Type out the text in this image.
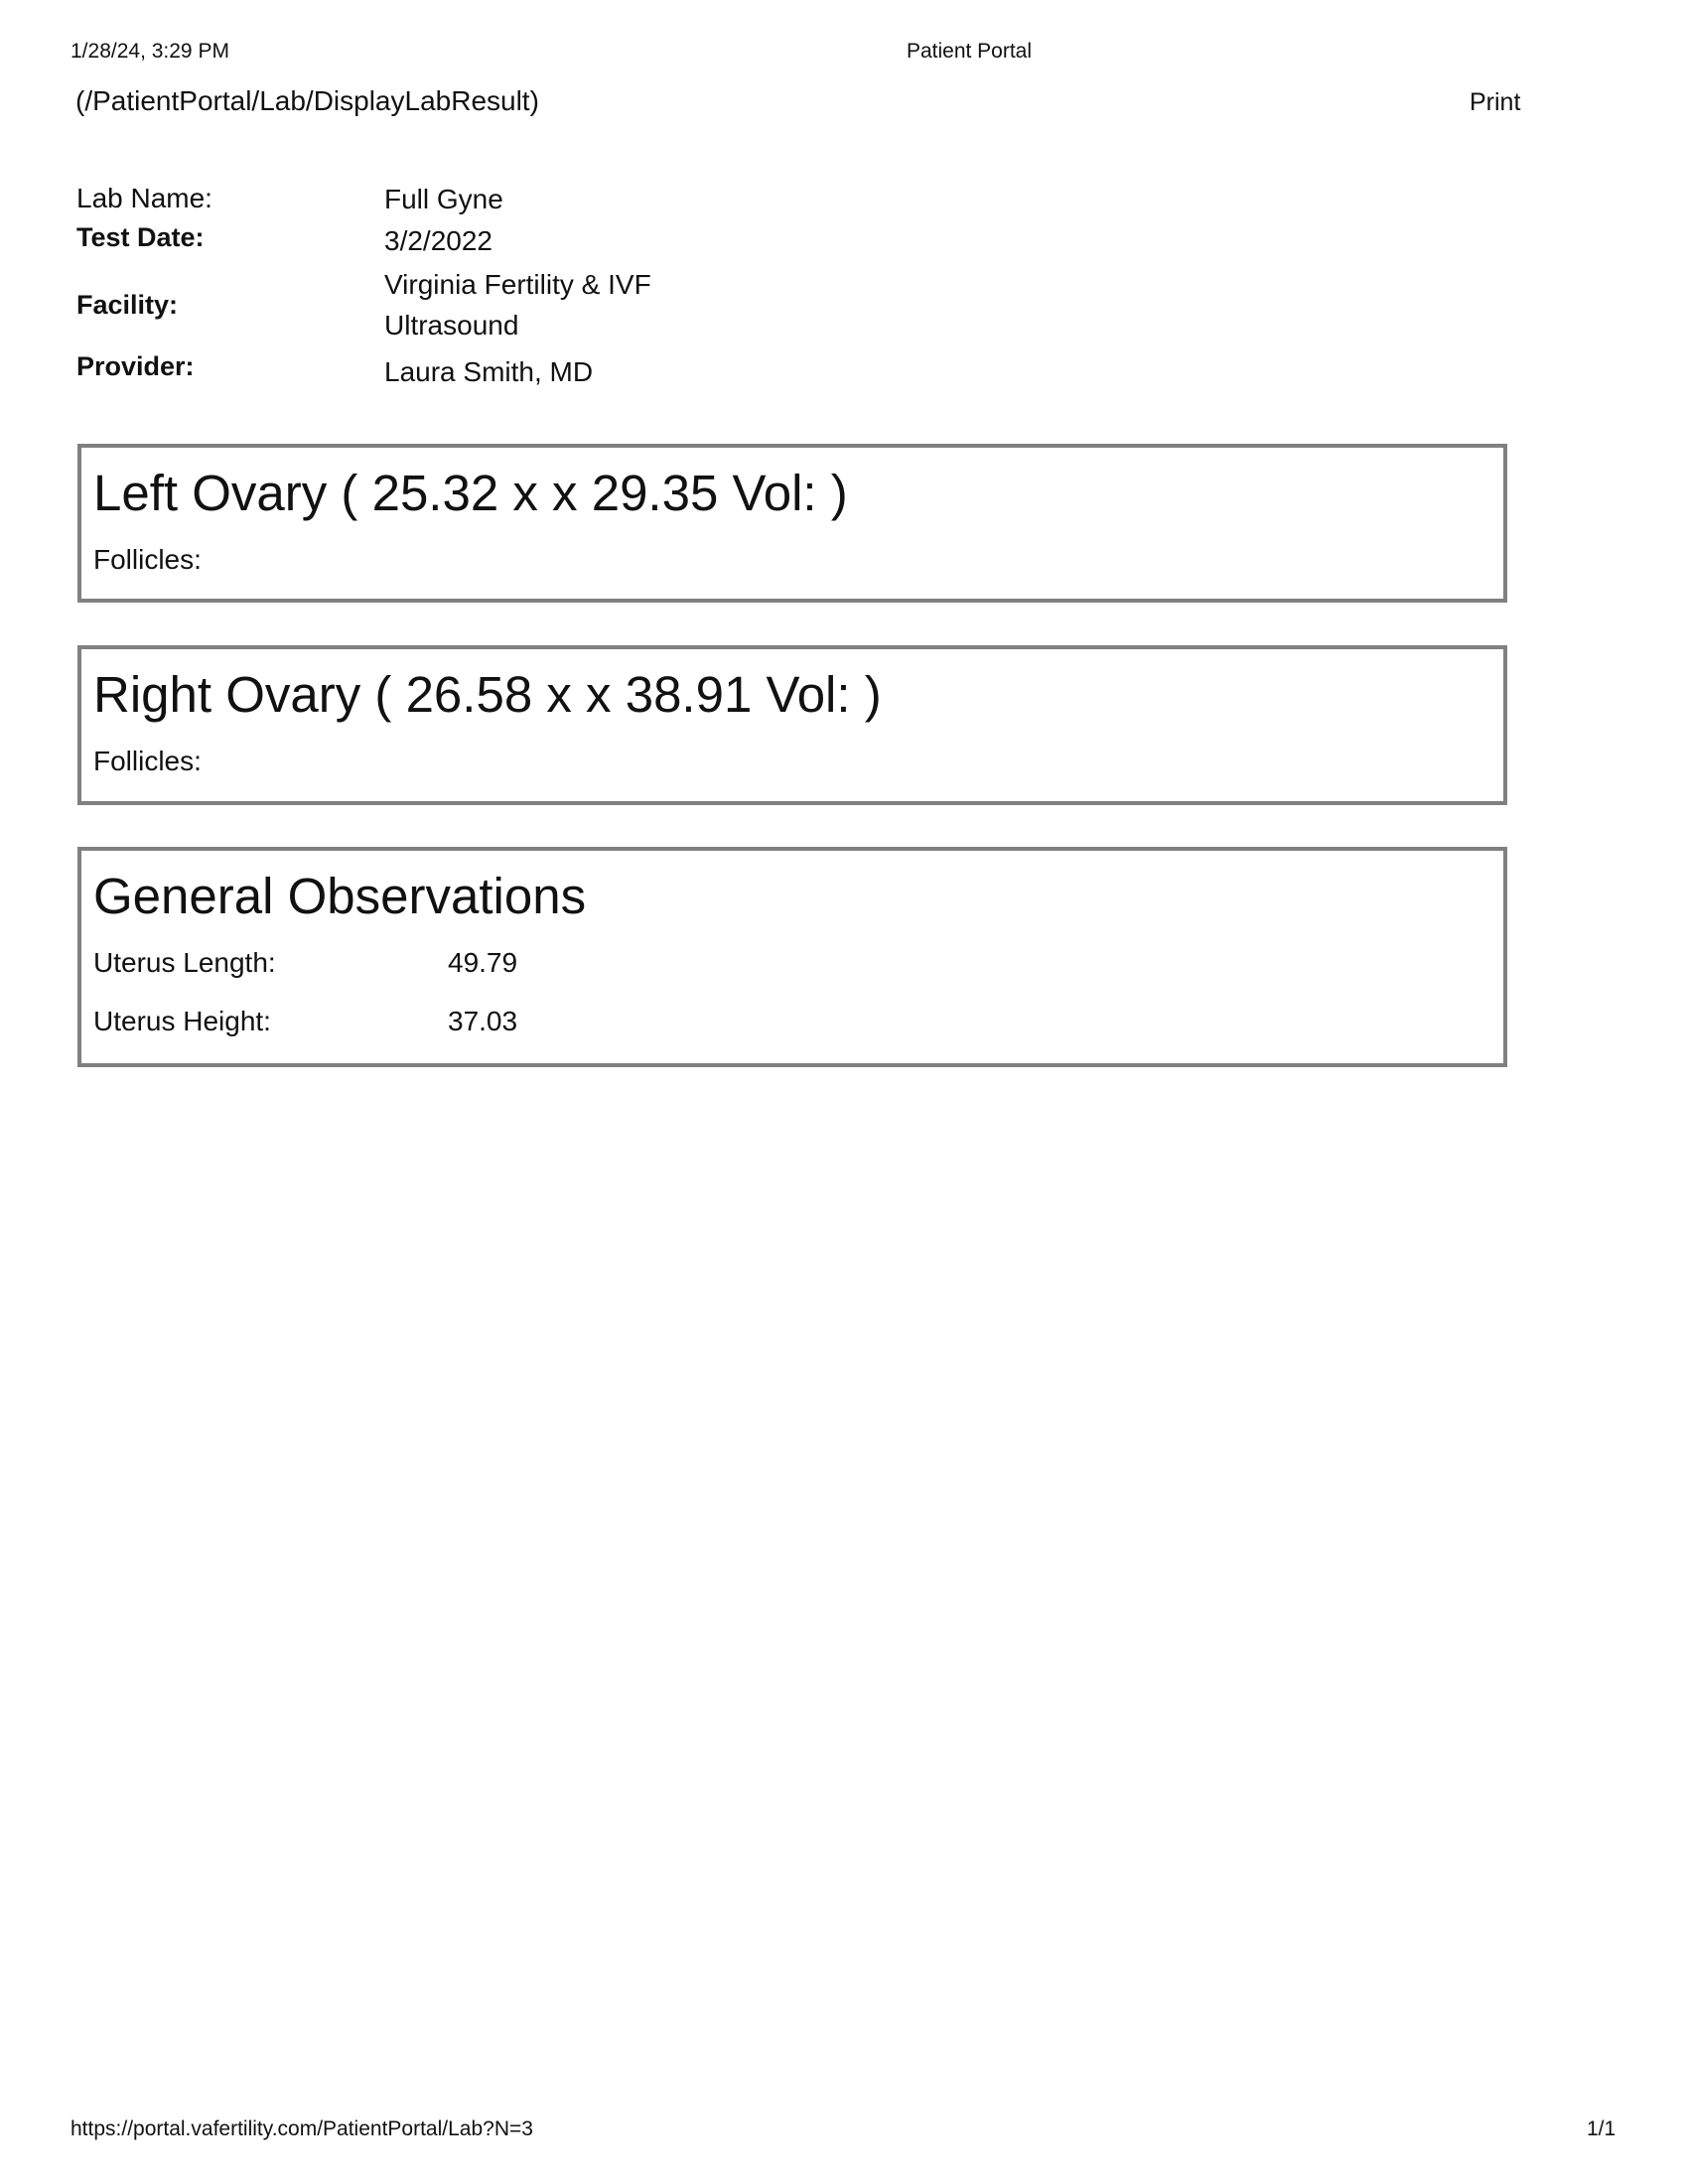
1/28/24, 3:29 PM	Patient Portal
(/PatientPortal/Lab/DisplayLabResult)	Print
Lab Name:	Full Gyne
Test Date:	3/2/2022
Facility:
Virginia Fertility & IVF Ultrasound
Provider:	Laura Smith, MD
Left Ovary ( 25.32 x x 29.35 Vol: )
Follicles:
Right Ovary ( 26.58 x x 38.91 Vol: )
Follicles:
General Observations
Uterus Length:	49.79
Uterus Height:	37.03
https://portal.vafertility.com/PatientPortal/Lab?N=3	1/1
